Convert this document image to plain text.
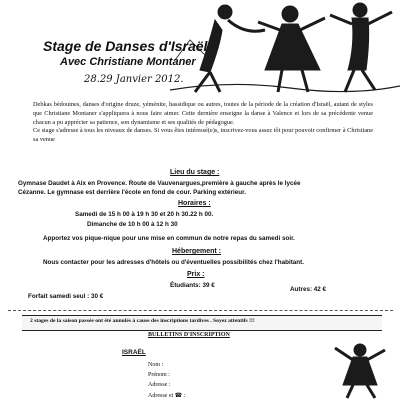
Stage de Danses d'Israël
Avec Christiane Montaner
28.29 Janvier 2012.
Debkas bédouines, danses d'origine druze, yéménite, hassidique ou autres, toutes de la période de la création d'Israël, autant de styles que Christiane Montaner s'appliquera à nous faire aimer. Cette dernière enseigne la danse à Valence et lors de sa précédente venue chacun a pu apprécier sa patience, son dynamisme et ses qualités de pédagogue.
Ce stage s'adresse à tous les niveaux de danses. Si vous êtes intéressé(e)s, inscrivez-vous assez tôt pour pouvoir confirmer à Christiane sa venue
Lieu du stage :
Gymnase Daudet à Aix en Provence. Route de Vauvenargues,première à gauche après le lycée
Cézanne. Le gymnase est derrière l'école en fond de cour. Parking extérieur.
Horaires :
Samedi de 15 h 00 à 19 h 30 et 20 h 30.22 h 00.
Dimanche de 10 h 00 à 12 h 30
Apportez vos pique-nique pour une mise en commun de notre repas du samedi soir.
Hébergement :
Nous contacter pour les adresses d'hôtels ou d'éventuelles possibilités chez l'habitant.
Prix :
Étudiants: 39 €
Autres: 42 €
Forfait samedi seul : 30 €
2 stages de la saison passée ont été annulés à cause des inscriptions tardives . Soyez attentifs !!!
BULLETINS D'INSCRIPTION
ISRAËL
Nom :
Prénom :
Adresse :
Adresse et ☎ :
